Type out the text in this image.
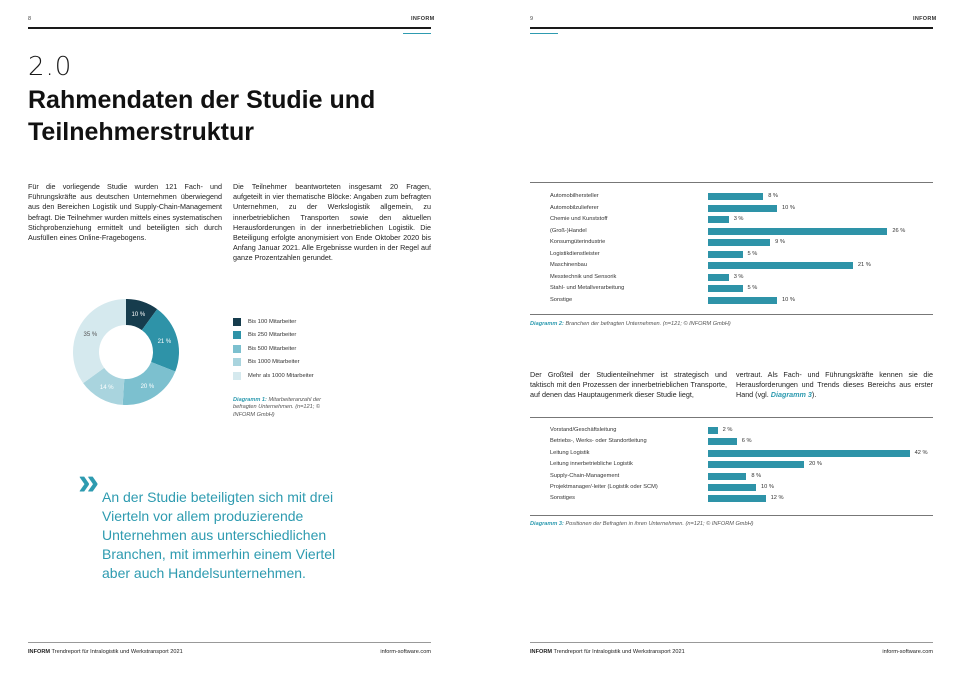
8	INFORM
2.0
Rahmendaten der Studie und Teilnehmerstruktur
Für die vorliegende Studie wurden 121 Fach- und Führungskräfte aus deutschen Unternehmen überwiegend aus den Bereichen Logistik und Supply-Chain-Management befragt. Die Teilnehmer wurden mittels eines systematischen Stichprobenziehung ermittelt und beteiligten sich durch Ausfüllen eines Online-Fragebogens.
Die Teilnehmer beantworteten insgesamt 20 Fragen, aufgeteilt in vier thematische Blöcke: Angaben zum befragten Unternehmen, zu der Werkslogistik allgemein, zu innerbetrieblichen Transporten sowie den aktuellen Herausforderungen in der innerbetrieblichen Logistik. Die Beteiligung erfolgte anonymisiert von Ende Oktober 2020 bis Anfang Januar 2021. Alle Ergebnisse wurden in der Regel auf ganze Prozentzahlen gerundet.
10 %
21 %
20 %
14 %
35 %
Bis 100 Mitarbeiter
Bis 250 Mitarbeiter
Bis 500 Mitarbeiter
Bis 1000 Mitarbeiter
Mehr als 1000 Mitarbeiter
Diagramm 1: Mitarbeiteranzahl der befragten Unternehmen. (n=121; © INFORM GmbH)
» An der Studie beteiligten sich mit drei Vierteln vor allem produzierende Unternehmen aus unterschiedlichen Branchen, mit immerhin einem Viertel aber auch Handelsunternehmen.
INFORM Trendreport für Intralogistik und Werkstransport 2021	inform-software.com
9	INFORM
Automobilhersteller	8 %
Automobilzulieferer	10 %
Chemie und Kunststoff	3 %
(Groß-)Handel	26 %
Konsumgüterindustrie	9 %
Logistikdienstleister	5 %
Maschinenbau	21 %
Messtechnik und Sensorik	3 %
Stahl- und Metallverarbeitung	5 %
Sonstige	10 %
Diagramm 2: Branchen der befragten Unternehmen. (n=121; © INFORM GmbH)
Der Großteil der Studienteilnehmer ist strategisch und taktisch mit den Prozessen der innerbetrieblichen Transporte, auf denen das Hauptaugenmerk dieser Studie liegt,
vertraut. Als Fach- und Führungskräfte kennen sie die Herausforderungen und Trends dieses Bereichs aus erster Hand (vgl. Diagramm 3).
Vorstand/Geschäftsleitung	2 %
Betriebs-, Werks- oder Standortleitung	6 %
Leitung Logistik	42 %
Leitung innerbetriebliche Logistik	20 %
Supply-Chain-Management	8 %
Projektmanager/-leiter (Logistik oder SCM)	10 %
Sonstiges	12 %
Diagramm 3: Positionen der Befragten in ihren Unternehmen. (n=121; © INFORM GmbH)
INFORM Trendreport für Intralogistik und Werkstransport 2021	inform-software.com
